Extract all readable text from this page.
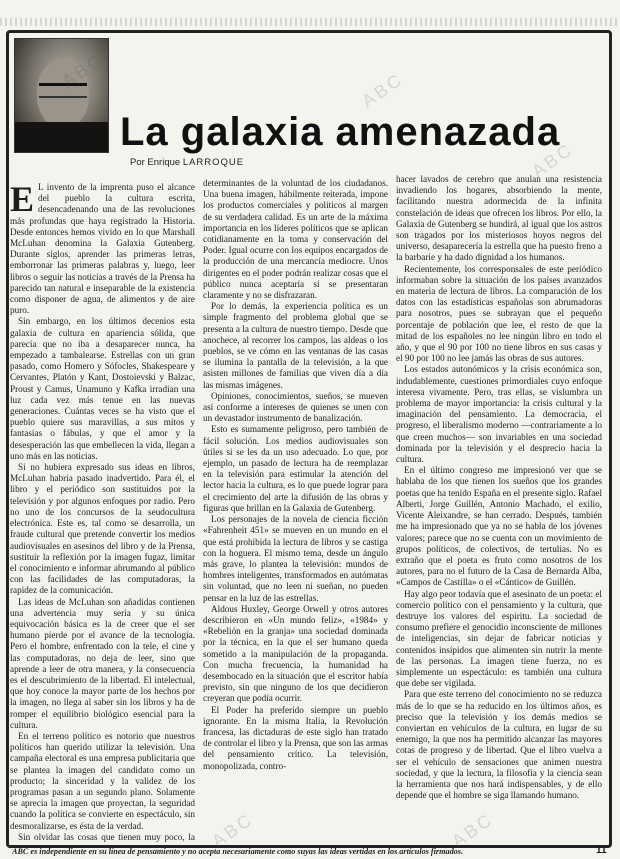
ABC
ABC
ABC	ABC
La galaxia amenazada
Por Enrique LARROQUE
E L invento de la imprenta puso el alcance del pueblo la cultura escrita, desencadenando una de las revoluciones más profundas que haya registrado la Historia. Desde entonces hemos vivido en lo que Marshall McLuhan denomina la Galaxia Gutenberg. Durante siglos, aprender las primeras letras, emborronar las primeras palabras y, luego, leer libros o seguir las noticias a través de la Prensa ha parecido tan natural e inseparable de la existencia como disponer de agua, de alimentos y de aire puro.

Sin embargo, en los últimos decenios esta galaxia de cultura en apariencia sólida, que parecía que no iba a desaparecer nunca, ha empezado a tambalearse. Estrellas con un gran pasado, como Homero y Sófocles, Shakespeare y Cervantes, Platón y Kant, Dostoievski y Balzac, Proust y Camus, Unamuno y Kafka irradian una luz cada vez más tenue en las nuevas generaciones. Cuántas veces se ha visto que el pueblo quiere sus maravillas, a sus mitos y fantasías o fábulas, y que el amor y la desesperación las que embellecen la vida, llegan a uno más en las noticias.

Si no hubiera expresado sus ideas en libros, McLuhan habría pasado inadvertido. Para él, el libro y el periódico son sustituidos por la televisión y por algunos enfoques por radio. Pero no uno de los concursos de la seudocultura electrónica. Este es, tal como se desarrolla, un fraude cultural que pretende convertir los medios audiovisuales en asesinos del libro y de la Prensa, sustituir la reflexión por la imagen fugaz, limitar el conocimiento e informar abrumando al público con las facilidades de las computadoras, la rapidez de la comunicación.

Las ideas de McLuhan son añadidas contienen una advertencia muy seria y su única equivocación básica es la de creer que el ser humano pierde por el avance de la tecnología. Pero el hombre, enfrentado con la tele, el cine y las computadoras, no deja de leer, sino que aprende a leer de otra manera, y la consecuencia es el descubrimiento de la libertad. El intelectual, que hoy conoce la mayor parte de los hechos por la imagen, no llega al saber sin los libros y ha de romper el equilibrio biológico esencial para la cultura.

En el terreno político es notorio que nuestros políticos han querido utilizar la televisión. Una campaña electoral es una empresa publicitaria que se plantea la imagen del candidato como un producto; la sinceridad y la validez de los programas pasan a un segundo plano. Solamente se aprecia la imagen que proyectan, la seguridad cuando la política se convierte en espectáculo, sin desmoralizarse, es ésta de la verdad.

Sin olvidar las cosas que tienen muy poco, la

determinantes de la voluntad de los ciudadanos. Una buena imagen, hábilmente reiterada, impone los productos comerciales y políticos al margen de su verdadera calidad. Es un arte de la máxima importancia en los líderes políticos que se aplican cotidianamente en la toma y conservación del Poder. Igual ocurre con los equipos encargados de la producción de una mercancía mediocre. Unos dirigentes en el poder podrán realizar cosas que el público nunca aceptaría si se presentaran claramente y no se disfrazaran.

Por lo demás, la experiencia política es un simple fragmento del problema global que se presenta a la cultura de nuestro tiempo. Desde que anochece, al recorrer los campos, las aldeas o los pueblos, se ve cómo en las ventanas de las casas se ilumina la pantalla de la televisión, a la que asisten millones de familias que viven día a día las mismas imágenes.

Opiniones, conocimientos, sueños, se mueven así conforme a intereses de quienes se unen con un devastador instrumento de banalización.

Esto es sumamente peligroso, pero también de fácil solución. Los medios audiovisuales son útiles si se les da un uso adecuado. Lo que, por ejemplo, un pasado de lectura ha de reemplazar en la televisión para estimular la atención del lector hacia la cultura, es lo que puede lograr para el crecimiento del arte la difusión de las obras y figuras que brillan en la Galaxia de Gutenberg.

Los personajes de la novela de ciencia ficción «Fahrenheit 451» se mueven en un mundo en el que está prohibida la lectura de libros y se castiga con la hoguera. El mismo tema, desde un ángulo más grave, lo plantea la televisión: mundos de hombres inteligentes, transformados en autómatas sin voluntad, que no leen ni sueñan, no pueden pensar en la luz de las estrellas.

Aldous Huxley, George Orwell y otros autores describieron en «Un mundo feliz», «1984» y «Rebelión en la granja» una sociedad dominada por la técnica, en la que el ser humano queda sometido a la manipulación de la propaganda. Con mucha frecuencia, la humanidad ha desembocado en la situación que el escritor había previsto, sin que ninguno de los que decidieron creyeran que podía ocurrir.

El Poder ha preferido siempre un pueblo ignorante. En la misma Italia, la Revolución francesa, las dictaduras de este siglo han tratado de controlar el libro y la Prensa, que son las armas del pensamiento crítico. La televisión, monopolizada, contro-

hacer lavados de cerebro que anulan una resistencia invadiendo los hogares, absorbiendo la mente, facilitando nuestra adormecida de la infinita constelación de ideas que ofrecen los libros. Por ello, la Galaxia de Gutenberg se hundirá, al igual que los astros son tragados por los misteriosos hoyos negros del universo, desaparecería la estrella que ha puesto freno a la barbarie y ha dado dignidad a los humanos.

Recientemente, los corresponsales de este periódico informaban sobre la situación de los países avanzados en materia de lectura de libros. La comparación de los datos con las estadísticas españolas son abrumadoras para nosotros, pues se subrayan que el pequeño porcentaje de población que lee, el resto de que la mitad de los españoles no lee ningún libro en todo el año, y que el 90 por 100 no tiene libros en sus casas y el 90 por 100 no lee jamás las obras de sus autores.

Los estados autonómicos y la crisis económica son, indudablemente, cuestiones primordiales cuyo enfoque interesa vivamente. Pero, tras ellas, se vislumbra un problema de mayor importancia: la crisis cultural y la imaginación del pensamiento. La democracia, el progreso, el liberalismo moderno —contrariamente a lo que creen muchos— son invariables en una sociedad dominada por la televisión y el desprecio hacia la cultura.

En el último congreso me impresionó ver que se hablaba de los que tienen los sueños que los grandes poetas que ha tenido España en el presente siglo. Rafael Alberti, Jorge Guillén, Antonio Machado, el exilio, Vicente Aleixandre, se han cerrado. Después, también me ha impresionado que ya no se habla de los jóvenes valores; parece que no se cuenta con un movimiento de grupos políticos, de colectivos, de tertulias. No es extraño que el poeta es fruto como nosotros de los autores, para no el futuro de la Casa de Bernarda Alba, «Campos de Castilla» o el «Cántico» de Guillén.

Hay algo peor todavía que el asesinato de un poeta: el comercio político con el pensamiento y la cultura, que destruye los valores del espíritu. La sociedad de consumo prefiere el genocidio inconsciente de millones de inteligencias, sin dejar de fabricar noticias y contenidos insípidos que alimenten sin nutrir la mente de las personas. La imagen tiene fuerza, no es simplemente un espectáculo: es también una cultura que debe ser vigilada.

Para que este terreno del conocimiento no se reduzca más de lo que se ha reducido en los últimos años, es preciso que la televisión y los demás medios se conviertan en vehículos de la cultura, en lugar de su enemigo, la que nos ha permitido alcanzar las mayores cotas de progreso y de libertad. Que el libro vuelva a ser el vehículo de sensaciones que animen nuestra sociedad, y que la lectura, la filosofía y la ciencia sean la herramienta que nos hará indispensables, y de ello depende que el hombre se siga llamando humano.

ABC es independiente en su línea de pensamiento y no acepta necesariamente como suyas las ideas vertidas en los artículos firmados.	11
